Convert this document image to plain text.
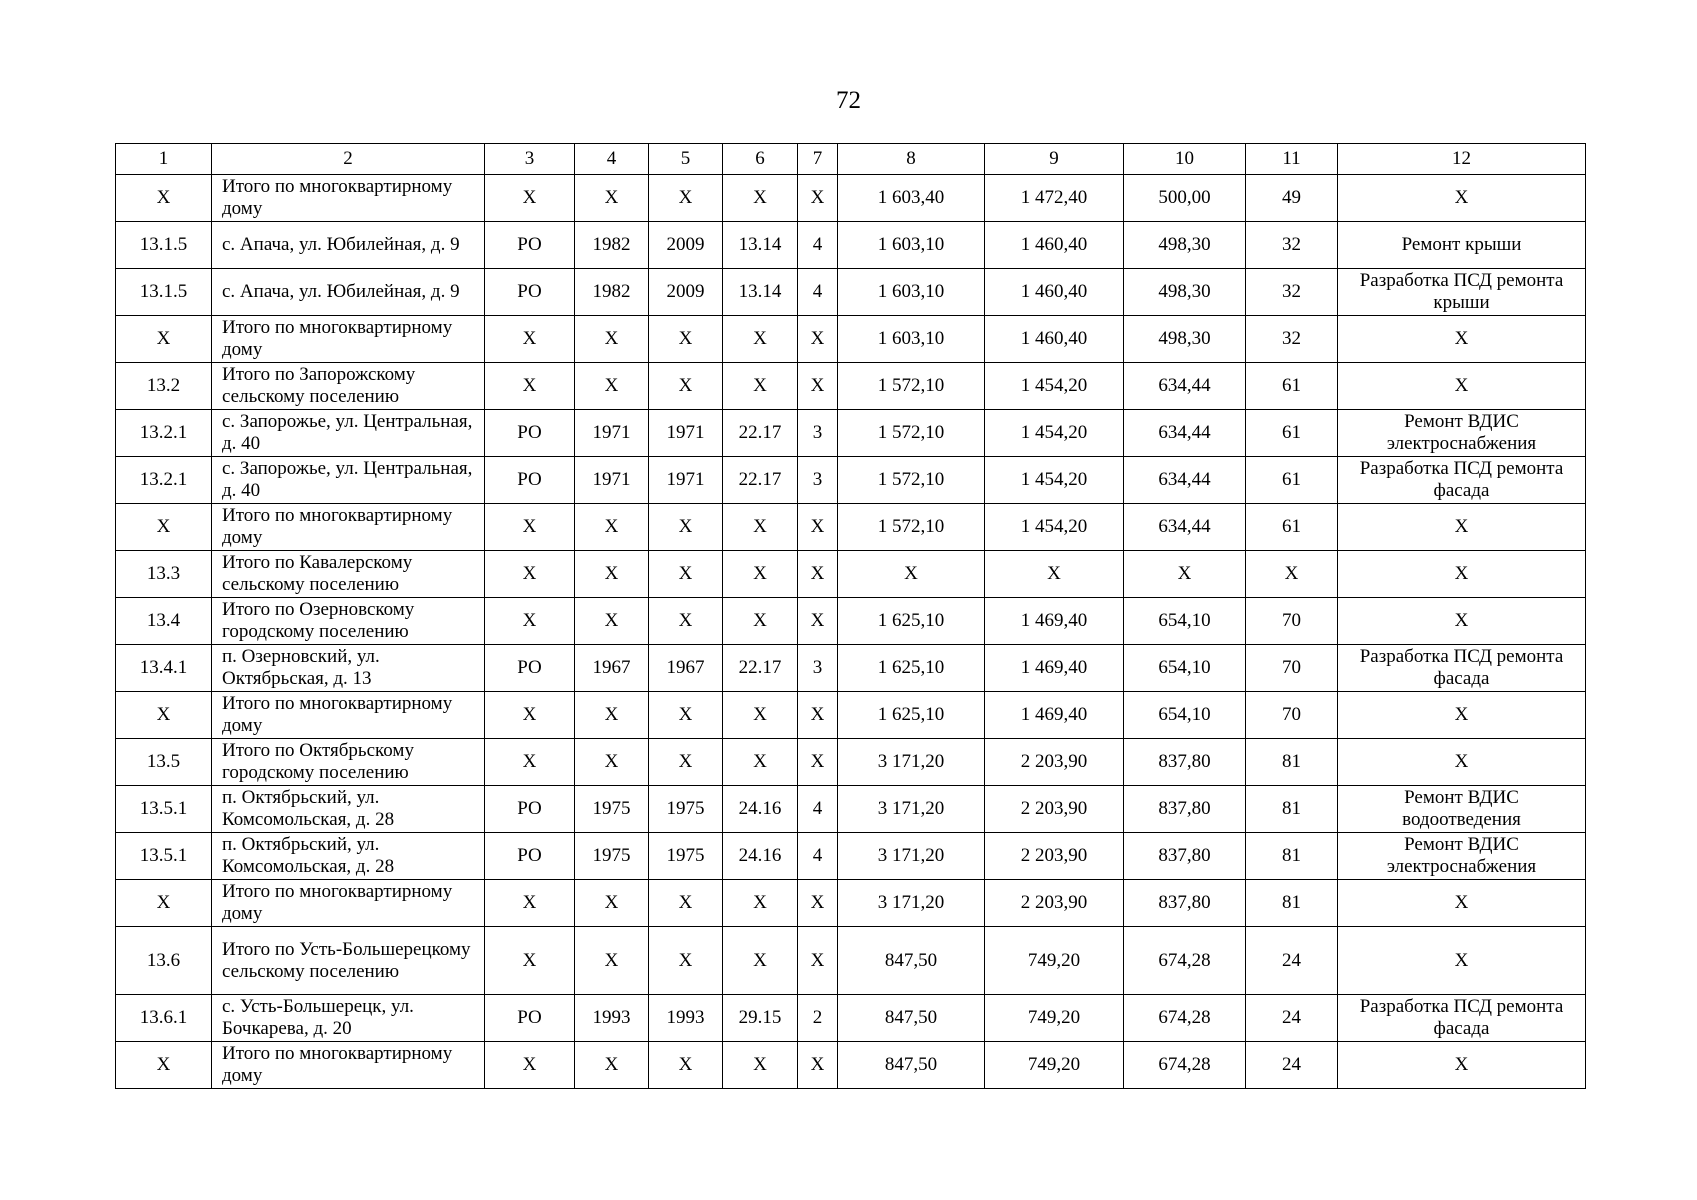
72
1	2	3	4	5	6	7	8	9	10	11	12
X	Итого по многоквартирному дому	X	X	X	X	X	1 603,40	1 472,40	500,00	49	X
13.1.5	с. Апача, ул. Юбилейная, д. 9	РО	1982	2009	13.14	4	1 603,10	1 460,40	498,30	32	Ремонт крыши
13.1.5	с. Апача, ул. Юбилейная, д. 9	РО	1982	2009	13.14	4	1 603,10	1 460,40	498,30	32	Разработка ПСД ремонта крыши
X	Итого по многоквартирному дому	X	X	X	X	X	1 603,10	1 460,40	498,30	32	X
13.2	Итого по Запорожскому сельскому поселению	X	X	X	X	X	1 572,10	1 454,20	634,44	61	X
13.2.1	с. Запорожье, ул. Центральная, д. 40	РО	1971	1971	22.17	3	1 572,10	1 454,20	634,44	61	Ремонт ВДИС электроснабжения
13.2.1	с. Запорожье, ул. Центральная, д. 40	РО	1971	1971	22.17	3	1 572,10	1 454,20	634,44	61	Разработка ПСД ремонта фасада
X	Итого по многоквартирному дому	X	X	X	X	X	1 572,10	1 454,20	634,44	61	X
13.3	Итого по Кавалерскому сельскому поселению	X	X	X	X	X	X	X	X	X	X
13.4	Итого по Озерновскому городскому поселению	X	X	X	X	X	1 625,10	1 469,40	654,10	70	X
13.4.1	п. Озерновский, ул. Октябрьская, д. 13	РО	1967	1967	22.17	3	1 625,10	1 469,40	654,10	70	Разработка ПСД ремонта фасада
X	Итого по многоквартирному дому	X	X	X	X	X	1 625,10	1 469,40	654,10	70	X
13.5	Итого по Октябрьскому городскому поселению	X	X	X	X	X	3 171,20	2 203,90	837,80	81	X
13.5.1	п. Октябрьский, ул. Комсомольская, д. 28	РО	1975	1975	24.16	4	3 171,20	2 203,90	837,80	81	Ремонт ВДИС водоотведения
13.5.1	п. Октябрьский, ул. Комсомольская, д. 28	РО	1975	1975	24.16	4	3 171,20	2 203,90	837,80	81	Ремонт ВДИС электроснабжения
X	Итого по многоквартирному дому	X	X	X	X	X	3 171,20	2 203,90	837,80	81	X
13.6	Итого по Усть-Большерецкому сельскому поселению	X	X	X	X	X	847,50	749,20	674,28	24	X
13.6.1	с. Усть-Большерецк, ул. Бочкарева, д. 20	РО	1993	1993	29.15	2	847,50	749,20	674,28	24	Разработка ПСД ремонта фасада
X	Итого по многоквартирному дому	X	X	X	X	X	847,50	749,20	674,28	24	X
